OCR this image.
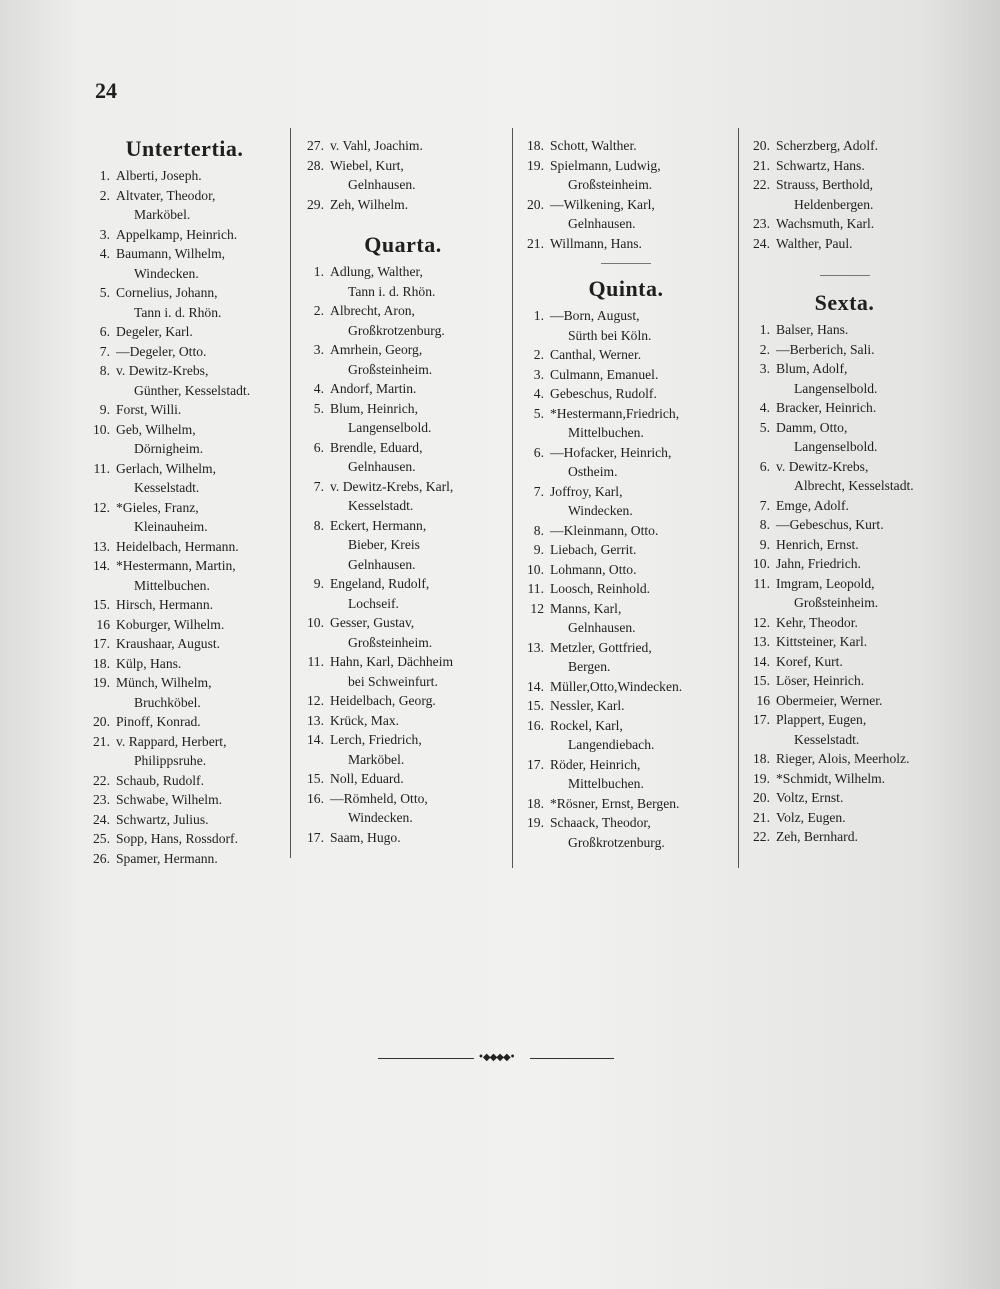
24
Untertertia.
1. Alberti, Joseph.
2. Altvater, Theodor,
Marköbel.
3. Appelkamp, Heinrich.
4. Baumann, Wilhelm,
Windecken.
5. Cornelius, Johann,
Tann i. d. Rhön.
6. Degeler, Karl.
7. —Degeler, Otto.
8. v. Dewitz-Krebs,
Günther, Kesselstadt.
9. Forst, Willi.
10. Geb, Wilhelm,
Dörnigheim.
11. Gerlach, Wilhelm,
Kesselstadt.
12. *Gieles, Franz,
Kleinauheim.
13. Heidelbach, Hermann.
14. *Hestermann, Martin,
Mittelbuchen.
15. Hirsch, Hermann.
16 Koburger, Wilhelm.
17. Kraushaar, August.
18. Külp, Hans.
19. Münch, Wilhelm,
Bruchköbel.
20. Pinoff, Konrad.
21. v. Rappard, Herbert,
Philippsruhe.
22. Schaub, Rudolf.
23. Schwabe, Wilhelm.
24. Schwartz, Julius.
25. Sopp, Hans, Rossdorf.
26. Spamer, Hermann.
27. v. Vahl, Joachim.
28. Wiebel, Kurt,
Gelnhausen.
29. Zeh, Wilhelm.
Quarta.
1. Adlung, Walther,
Tann i. d. Rhön.
2. Albrecht, Aron,
Großkrotzenburg.
3. Amrhein, Georg,
Großsteinheim.
4. Andorf, Martin.
5. Blum, Heinrich,
Langenselbold.
6. Brendle, Eduard,
Gelnhausen.
7. v. Dewitz-Krebs, Karl,
Kesselstadt.
8. Eckert, Hermann,
Bieber, Kreis
Gelnhausen.
9. Engeland, Rudolf,
Lochseif.
10. Gesser, Gustav,
Großsteinheim.
11. Hahn, Karl, Dächheim
bei Schweinfurt.
12. Heidelbach, Georg.
13. Krück, Max.
14. Lerch, Friedrich,
Marköbel.
15. Noll, Eduard.
16. —Römheld, Otto,
Windecken.
17. Saam, Hugo.
18. Schott, Walther.
19. Spielmann, Ludwig,
Großsteinheim.
20. —Wilkening, Karl,
Gelnhausen.
21. Willmann, Hans.
Quinta.
1. —Born, August,
Sürth bei Köln.
2. Canthal, Werner.
3. Culmann, Emanuel.
4. Gebeschus, Rudolf.
5. *Hestermann,Friedrich,
Mittelbuchen.
6. —Hofacker, Heinrich,
Ostheim.
7. Joffroy, Karl,
Windecken.
8. —Kleinmann, Otto.
9. Liebach, Gerrit.
10. Lohmann, Otto.
11. Loosch, Reinhold.
12 Manns, Karl,
Gelnhausen.
13. Metzler, Gottfried,
Bergen.
14. Müller,Otto,Windecken.
15. Nessler, Karl.
16. Rockel, Karl,
Langendiebach.
17. Röder, Heinrich,
Mittelbuchen.
18. *Rösner, Ernst, Bergen.
19. Schaack, Theodor,
Großkrotzenburg.
20. Scherzberg, Adolf.
21. Schwartz, Hans.
22. Strauss, Berthold,
Heldenbergen.
23. Wachsmuth, Karl.
24. Walther, Paul.
Sexta.
1. Balser, Hans.
2. —Berberich, Sali.
3. Blum, Adolf,
Langenselbold.
4. Bracker, Heinrich.
5. Damm, Otto,
Langenselbold.
6. v. Dewitz-Krebs,
Albrecht, Kesselstadt.
7. Emge, Adolf.
8. —Gebeschus, Kurt.
9. Henrich, Ernst.
10. Jahn, Friedrich.
11. Imgram, Leopold,
Großsteinheim.
12. Kehr, Theodor.
13. Kittsteiner, Karl.
14. Koref, Kurt.
15. Löser, Heinrich.
16 Obermeier, Werner.
17. Plappert, Eugen,
Kesselstadt.
18. Rieger, Alois, Meerholz.
19. *Schmidt, Wilhelm.
20. Voltz, Ernst.
21. Volz, Eugen.
22. Zeh, Bernhard.
•◆◆◆◆•
